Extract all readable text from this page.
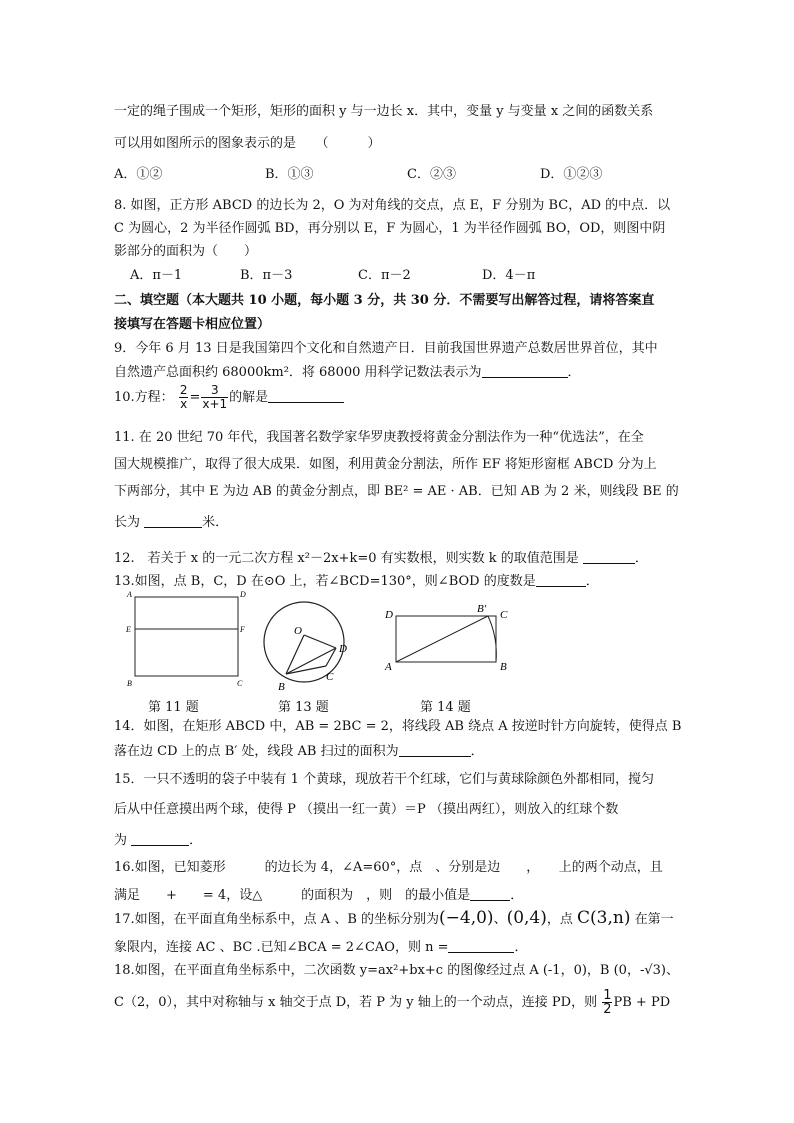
一定的绳子围成一个矩形，矩形的面积 y 与一边长 x．其中，变量 y 与变量 x 之间的函数关系
可以用如图所示的图象表示的是　　（　　　）
A．①②	B．①③	C．②③	D．①②③
8. 如图，正方形 ABCD 的边长为 2，O 为对角线的交点，点 E，F 分别为 BC，AD 的中点．以
C 为圆心，2 为半径作圆弧 BD，再分别以 E，F 为圆心，1 为半径作圆弧 BO，OD，则图中阴
影部分的面积为（　　）
A．π－1	B．π－3	C．π－2	D．4－π
二、填空题（本大题共 10 小题，每小题 3 分，共 30 分．不需要写出解答过程，请将答案直
接填写在答题卡相应位置）
9．今年 6 月 13 日是我国第四个文化和自然遗产日．目前我国世界遗产总数居世界首位，其中
自然遗产总面积约 68000km²．将 68000 用科学记数法表示为	．
10.方程： $\frac{2}{x} = \frac{3}{x+1}$ 的解是
11. 在 20 世纪 70 年代，我国著名数学家华罗庚教授将黄金分割法作为一种“优选法”，在全
国大规模推广，取得了很大成果．如图，利用黄金分割法，所作 EF 将矩形窗框 ABCD 分为上
下两部分，其中 E 为边 AB 的黄金分割点，即 BE² = AE · AB．已知 AB 为 2 米，则线段 BE 的
长为	米．
12.　若关于 x 的一元二次方程 x²－2x+k=0 有实数根，则实数 k 的取值范围是	．
13.如图，点 B，C，D 在⊙O 上，若∠BCD=130°，则∠BOD 的度数是	．
A	D
E	F
B	C
O
D
B
C
D	B′ C
A	B
第 11 题	第 13 题	第 14 题
14．如图，在矩形 ABCD 中，AB = 2BC = 2，将线段 AB 绕点 A 按逆时针方向旋转，使得点 B
落在边 CD 上的点 B′ 处，线段 AB 扫过的面积为	．
15．一只不透明的袋子中装有 1 个黄球，现放若干个红球，它们与黄球除颜色外都相同，搅匀
后从中任意摸出两个球，使得 P （摸出一红一黄）＝P （摸出两红），则放入的红球个数
为	．
16.如图，已知菱形　　　的边长为 4，∠A=60°，点　、分别是边　　，　　上的两个动点，且
满足　　+　　= 4，设△　　　的面积为　，则　的最小值是	．
17.如图，在平面直角坐标系中，点 A 、B 的坐标分别为(−4,0)、(0,4)，点 C(3,n) 在第一
象限内，连接 AC 、BC .已知∠BCA = 2∠CAO，则 n =	．
18.如图，在平面直角坐标系中，二次函数 y=ax²+bx+c 的图像经过点 A (-1，0)，B (0，-√3)、
C（2，0），其中对称轴与 x 轴交于点 D，若 P 为 y 轴上的一个动点，连接 PD，则 $\frac{1}{2}$ PB + PD
